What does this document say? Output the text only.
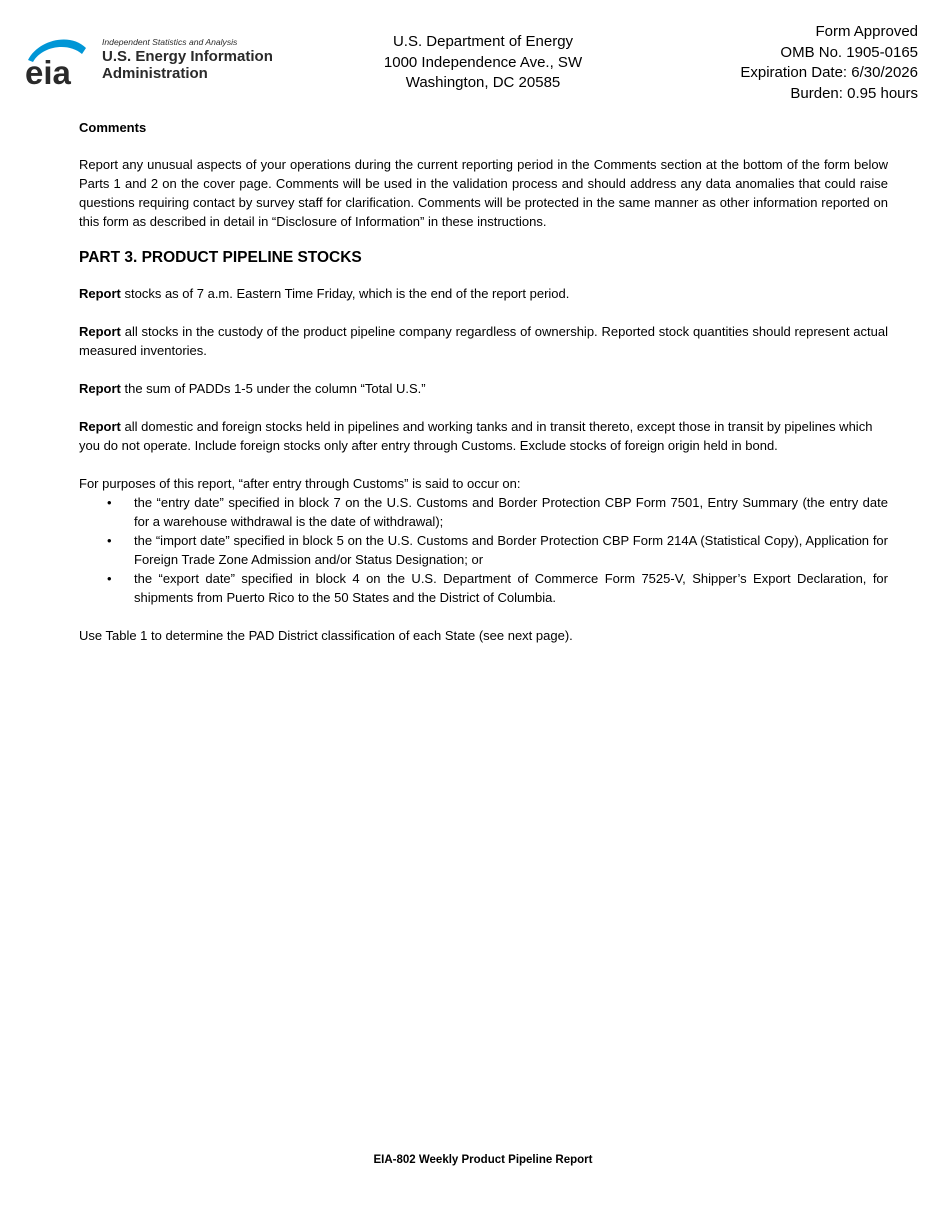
eia
Independent Statistics and Analysis
U.S. Energy Information
Administration
U.S. Department of Energy
1000 Independence Ave., SW
Washington, DC 20585
Form Approved
OMB No. 1905-0165
Expiration Date: 6/30/2026
Burden: 0.95 hours
Comments

Report any unusual aspects of your operations during the current reporting period in the Comments section at the bottom of the form below Parts 1 and 2 on the cover page. Comments will be used in the validation process and should address any data anomalies that could raise questions requiring contact by survey staff for clarification. Comments will be protected in the same manner as other information reported on this form as described in detail in “Disclosure of Information” in these instructions.

PART 3. PRODUCT PIPELINE STOCKS

Report stocks as of 7 a.m. Eastern Time Friday, which is the end of the report period.

Report all stocks in the custody of the product pipeline company regardless of ownership. Reported stock quantities should represent actual measured inventories.

Report the sum of PADDs 1-5 under the column “Total U.S.”

Report all domestic and foreign stocks held in pipelines and working tanks and in transit thereto, except those in transit by pipelines which you do not operate. Include foreign stocks only after entry through Customs. Exclude stocks of foreign origin held in bond.

For purposes of this report, “after entry through Customs” is said to occur on:

• the “entry date” specified in block 7 on the U.S. Customs and Border Protection CBP Form 7501, Entry Summary (the entry date for a warehouse withdrawal is the date of withdrawal);
• the “import date” specified in block 5 on the U.S. Customs and Border Protection CBP Form 214A (Statistical Copy), Application for Foreign Trade Zone Admission and/or Status Designation; or
• the “export date” specified in block 4 on the U.S. Department of Commerce Form 7525-V, Shipper’s Export Declaration, for shipments from Puerto Rico to the 50 States and the District of Columbia.

Use Table 1 to determine the PAD District classification of each State (see next page).

EIA-802 Weekly Product Pipeline Report
